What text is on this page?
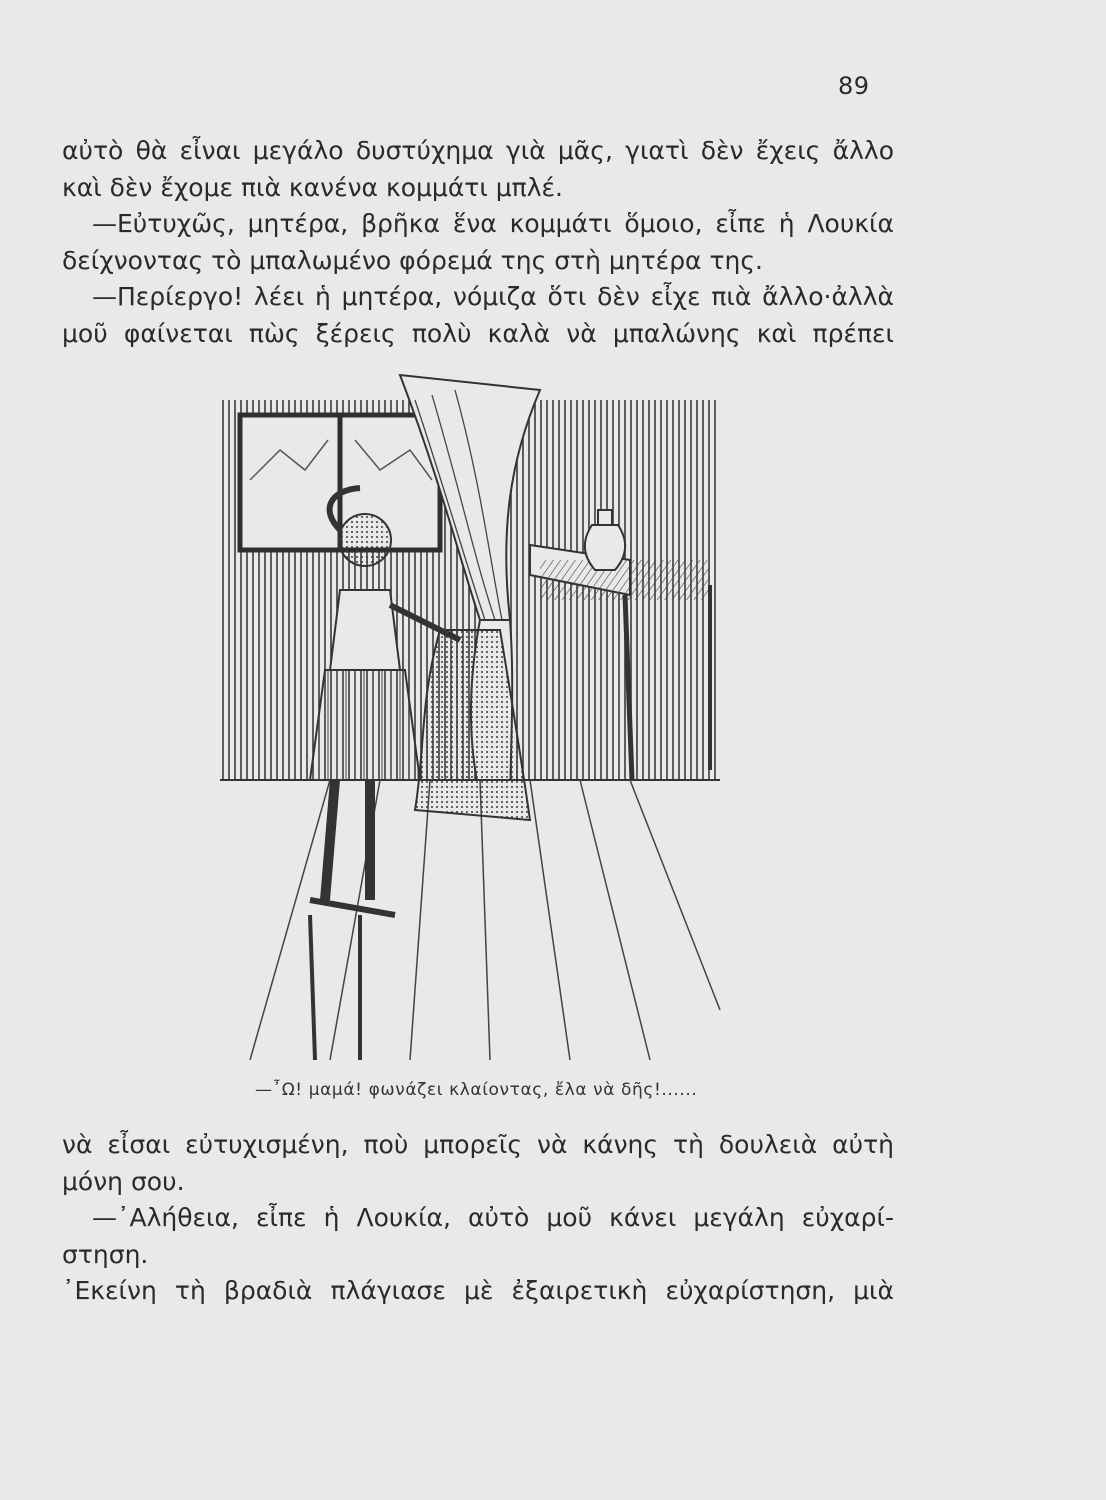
89
αὐτὸ θὰ εἶναι μεγάλο δυστύχημα γιὰ μᾶς, γιατὶ δὲν ἔχεις ἄλλο
καὶ δὲν ἔχομε πιὰ κανένα κομμάτι μπλέ.
—Εὐτυχῶς, μητέρα, βρῆκα ἕνα κομμάτι ὅμοιο, εἶπε ἡ Λουκία
δείχνοντας τὸ μπαλωμένο φόρεμά της στὴ μητέρα της.
—Περίεργο! λέει ἡ μητέρα, νόμιζα ὅτι δὲν εἶχε πιὰ ἄλλο·ἀλλὰ
μοῦ φαίνεται πὼς ξέρεις πολὺ καλὰ νὰ μπαλώνης καὶ πρέπει
—῏Ω! μαμά! φωνάζει κλαίοντας, ἔλα νὰ δῆς!......
νὰ εἶσαι εὐτυχισμένη, ποὺ μπορεῖς νὰ κάνης τὴ δουλειὰ αὐτὴ
μόνη σου.
—᾿Αλήθεια, εἶπε ἡ Λουκία, αὐτὸ μοῦ κάνει μεγάλη εὐχαρί-
στηση.
᾿Εκείνη τὴ βραδιὰ πλάγιασε μὲ ἐξαιρετικὴ εὐχαρίστηση, μιὰ
